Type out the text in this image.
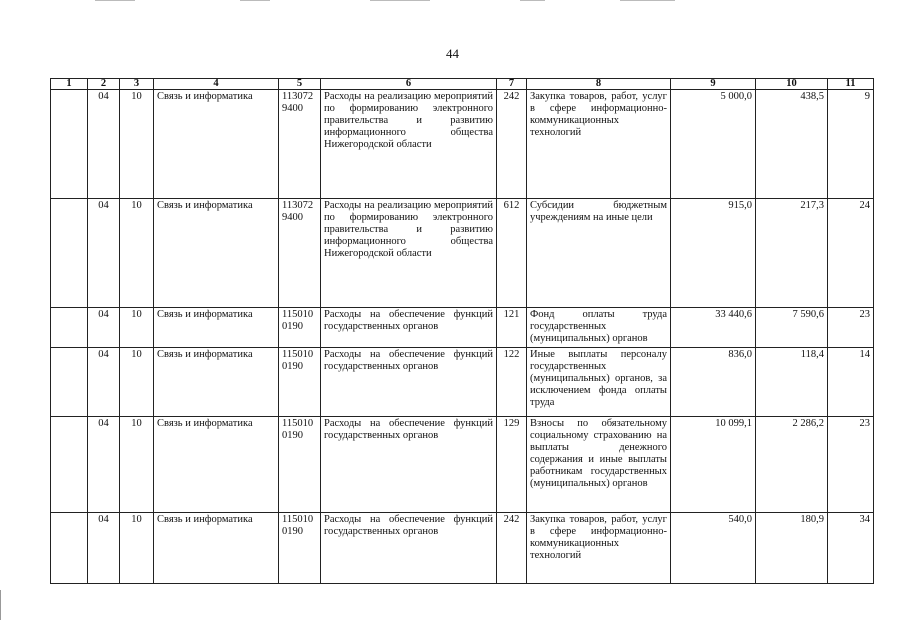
44
1	2	3	4	5	6	7	8	9	10	11
	04	10	Связь и информатика	113072 9400	Расходы на реализацию мероприятий по формированию электронного правительства и развитию информационного общества Нижегородской области	242	Закупка товаров, работ, услуг в сфере информационно-коммуникационных технологий	5 000,0	438,5	9
	04	10	Связь и информатика	113072 9400	Расходы на реализацию мероприятий по формированию электронного правительства и развитию информационного общества Нижегородской области	612	Субсидии бюджетным учреждениям на иные цели	915,0	217,3	24
	04	10	Связь и информатика	115010 0190	Расходы на обеспечение функций государственных органов	121	Фонд оплаты труда государственных (муниципальных) органов	33 440,6	7 590,6	23
	04	10	Связь и информатика	115010 0190	Расходы на обеспечение функций государственных органов	122	Иные выплаты персоналу государственных (муниципальных) органов, за исключением фонда оплаты труда	836,0	118,4	14
	04	10	Связь и информатика	115010 0190	Расходы на обеспечение функций государственных органов	129	Взносы по обязательному социальному страхованию на выплаты денежного содержания и иные выплаты работникам государственных (муниципальных) органов	10 099,1	2 286,2	23
	04	10	Связь и информатика	115010 0190	Расходы на обеспечение функций государственных органов	242	Закупка товаров, работ, услуг в сфере информационно-коммуникационных технологий	540,0	180,9	34
